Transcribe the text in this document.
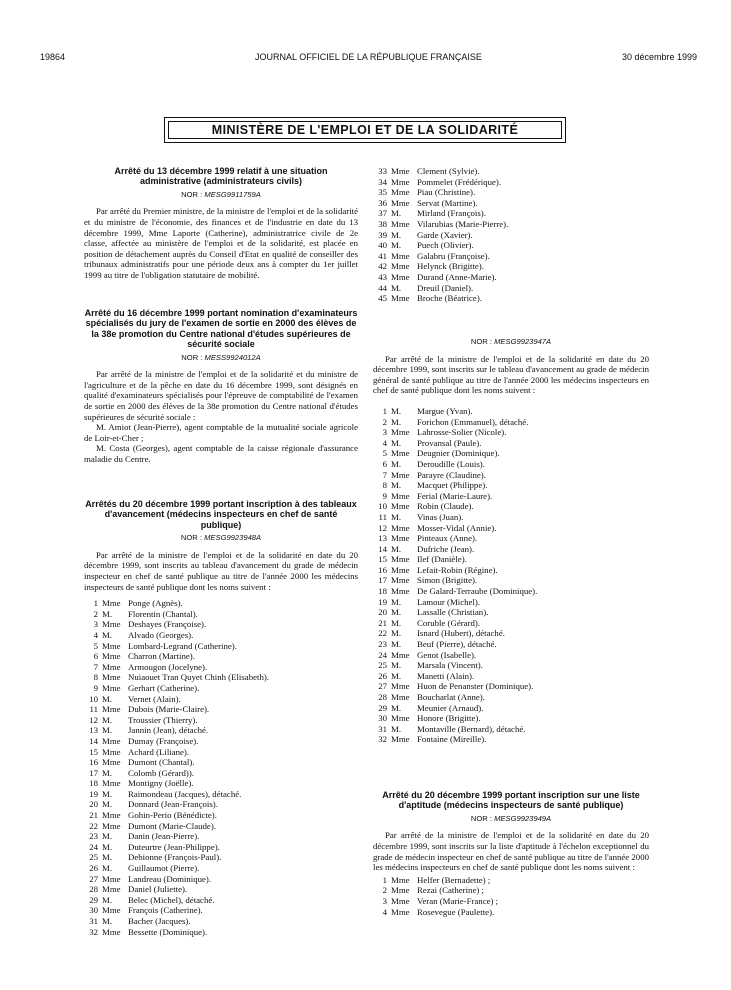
19864	JOURNAL OFFICIEL DE LA RÉPUBLIQUE FRANÇAISE	30 décembre 1999
MINISTÈRE DE L'EMPLOI ET DE LA SOLIDARITÉ

Arrêté du 13 décembre 1999 relatif à une situation administrative (administrateurs civils)

NOR : MESG9911759A

Par arrêté du Premier ministre, de la ministre de l'emploi et de la solidarité et du ministre de l'économie, des finances et de l'industrie en date du 13 décembre 1999, Mme Laporte (Catherine), administratrice civile de 2e classe, affectée au ministère de l'emploi et de la solidarité, est placée en position de détachement auprès du Conseil d'Etat en qualité de conseiller des tribunaux administratifs pour une période deux ans à compter du 1er juillet 1999 au titre de l'obligation statutaire de mobilité.

Arrêté du 16 décembre 1999 portant nomination d'examinateurs spécialisés du jury de l'examen de sortie en 2000 des élèves de la 38e promotion du Centre national d'études supérieures de sécurité sociale

NOR : MESS9924012A

Par arrêté de la ministre de l'emploi et de la solidarité et du ministre de l'agriculture et de la pêche en date du 16 décembre 1999, sont désignés en qualité d'examinateurs spécialisés pour l'épreuve de comptabilité de l'examen de sortie en 2000 des élèves de la 38e promotion du Centre national d'études supérieures de sécurité sociale :

M. Amiot (Jean-Pierre), agent comptable de la mutualité sociale agricole de Loir-et-Cher ;

M. Costa (Georges), agent comptable de la caisse régionale d'assurance maladie du Centre.

Arrêtés du 20 décembre 1999 portant inscription à des tableaux d'avancement (médecins inspecteurs en chef de santé publique)

NOR : MESG9923948A

Par arrêté de la ministre de l'emploi et de la solidarité en date du 20 décembre 1999, sont inscrits au tableau d'avancement du grade de médecin inspecteur en chef de santé publique au titre de l'année 2000 les médecins inspecteurs de santé publique dont les noms suivent :

1 Mme Ponge (Agnès).
2 M. Florentin (Chantal).
3 Mme Deshayes (Françoise).
4 M. Alvado (Georges).
5 Mme Lombard-Legrand (Catherine).
6 Mme Charron (Martine).
7 Mme Armougon (Jocelyne).
8 Mme Nuiaouet Tran Quyet Chinh (Elisabeth).
9 Mme Gerhart (Catherine).
10 M. Vernet (Alain).
11 Mme Dubois (Marie-Claire).
12 M. Troussier (Thierry).
13 M. Jannin (Jean), détaché.
14 Mme Dumay (Françoise).
15 Mme Achard (Liliane).
16 Mme Dumont (Chantal).
17 M. Colomb (Gérard)).
18 Mme Montigny (Joëlle).
19 M. Raimondeau (Jacques), détaché.
20 M. Donnard (Jean-François).
21 Mme Gohin-Perio (Bénédicte).
22 Mme Dumont (Marie-Claude).
23 M. Danin (Jean-Pierre).
24 M. Duteurtre (Jean-Philippe).
25 M. Debionne (François-Paul).
26 M. Guillaumot (Pierre).
27 Mme Landreau (Dominique).
28 Mme Daniel (Juliette).
29 M. Belec (Michel), détaché.
30 Mme François (Catherine).
31 M. Bacher (Jacques).
32 Mme Bessette (Dominique).
33 Mme Clement (Sylvie).
34 Mme Pommelet (Frédérique).
35 Mme Piau (Christine).
36 Mme Servat (Martine).
37 M. Mirland (François).
38 Mme Vilarubias (Marie-Pierre).
39 M. Garde (Xavier).
40 M. Puech (Olivier).
41 Mme Galabru (Françoise).
42 Mme Helynck (Brigitte).
43 Mme Durand (Anne-Marie).
44 M. Dreuil (Daniel).
45 Mme Broche (Béatrice).
NOR : MESG9923947A

Par arrêté de la ministre de l'emploi et de la solidarité en date du 20 décembre 1999, sont inscrits sur le tableau d'avancement au grade de médecin général de santé publique au titre de l'année 2000 les médecins inspecteurs en chef de santé publique dont les noms suivent :

1 M. Margue (Yvan).
2 M. Forichon (Emmanuel), détaché.
3 Mme Lahrosse-Solier (Nicole).
4 M. Provansal (Paule).
5 Mme Deugnier (Dominique).
6 M. Deroudille (Louis).
7 Mme Parayre (Claudine).
8 M. Macquet (Philippe).
9 Mme Ferial (Marie-Laure).
10 Mme Robin (Claude).
11 M. Vinas (Juan).
12 Mme Mosser-Vidal (Annie).
13 Mme Pinteaux (Anne).
14 M. Dufriche (Jean).
15 Mme Ilef (Danièle).
16 Mme Lefait-Robin (Régine).
17 Mme Simon (Brigitte).
18 Mme De Galard-Terraube (Dominique).
19 M. Lamour (Michel).
20 M. Lassalle (Christian).
21 M. Coruble (Gérard).
22 M. Isnard (Hubert), détaché.
23 M. Beuf (Pierre), détaché.
24 Mme Genot (Isabelle).
25 M. Marsala (Vincent).
26 M. Manetti (Alain).
27 Mme Huon de Penanster (Dominique).
28 Mme Boucharlat (Anne).
29 M. Meunier (Arnaud).
30 Mme Honore (Brigitte).
31 M. Montaville (Bernard), détaché.
32 Mme Fontaine (Mireille).

Arrêté du 20 décembre 1999 portant inscription sur une liste d'aptitude (médecins inspecteurs de santé publique)

NOR : MESG9923949A

Par arrêté de la ministre de l'emploi et de la solidarité en date du 20 décembre 1999, sont inscrits sur la liste d'aptitude à l'échelon exceptionnel du grade de médecin inspecteur en chef de santé publique au titre de l'année 2000 les médecins inspecteurs en chef de santé publique dont les noms suivent :

1 Mme Helfer (Bernadette) ;
2 Mme Rezai (Catherine) ;
3 Mme Veran (Marie-France) ;
4 Mme Rosevegue (Paulette).
